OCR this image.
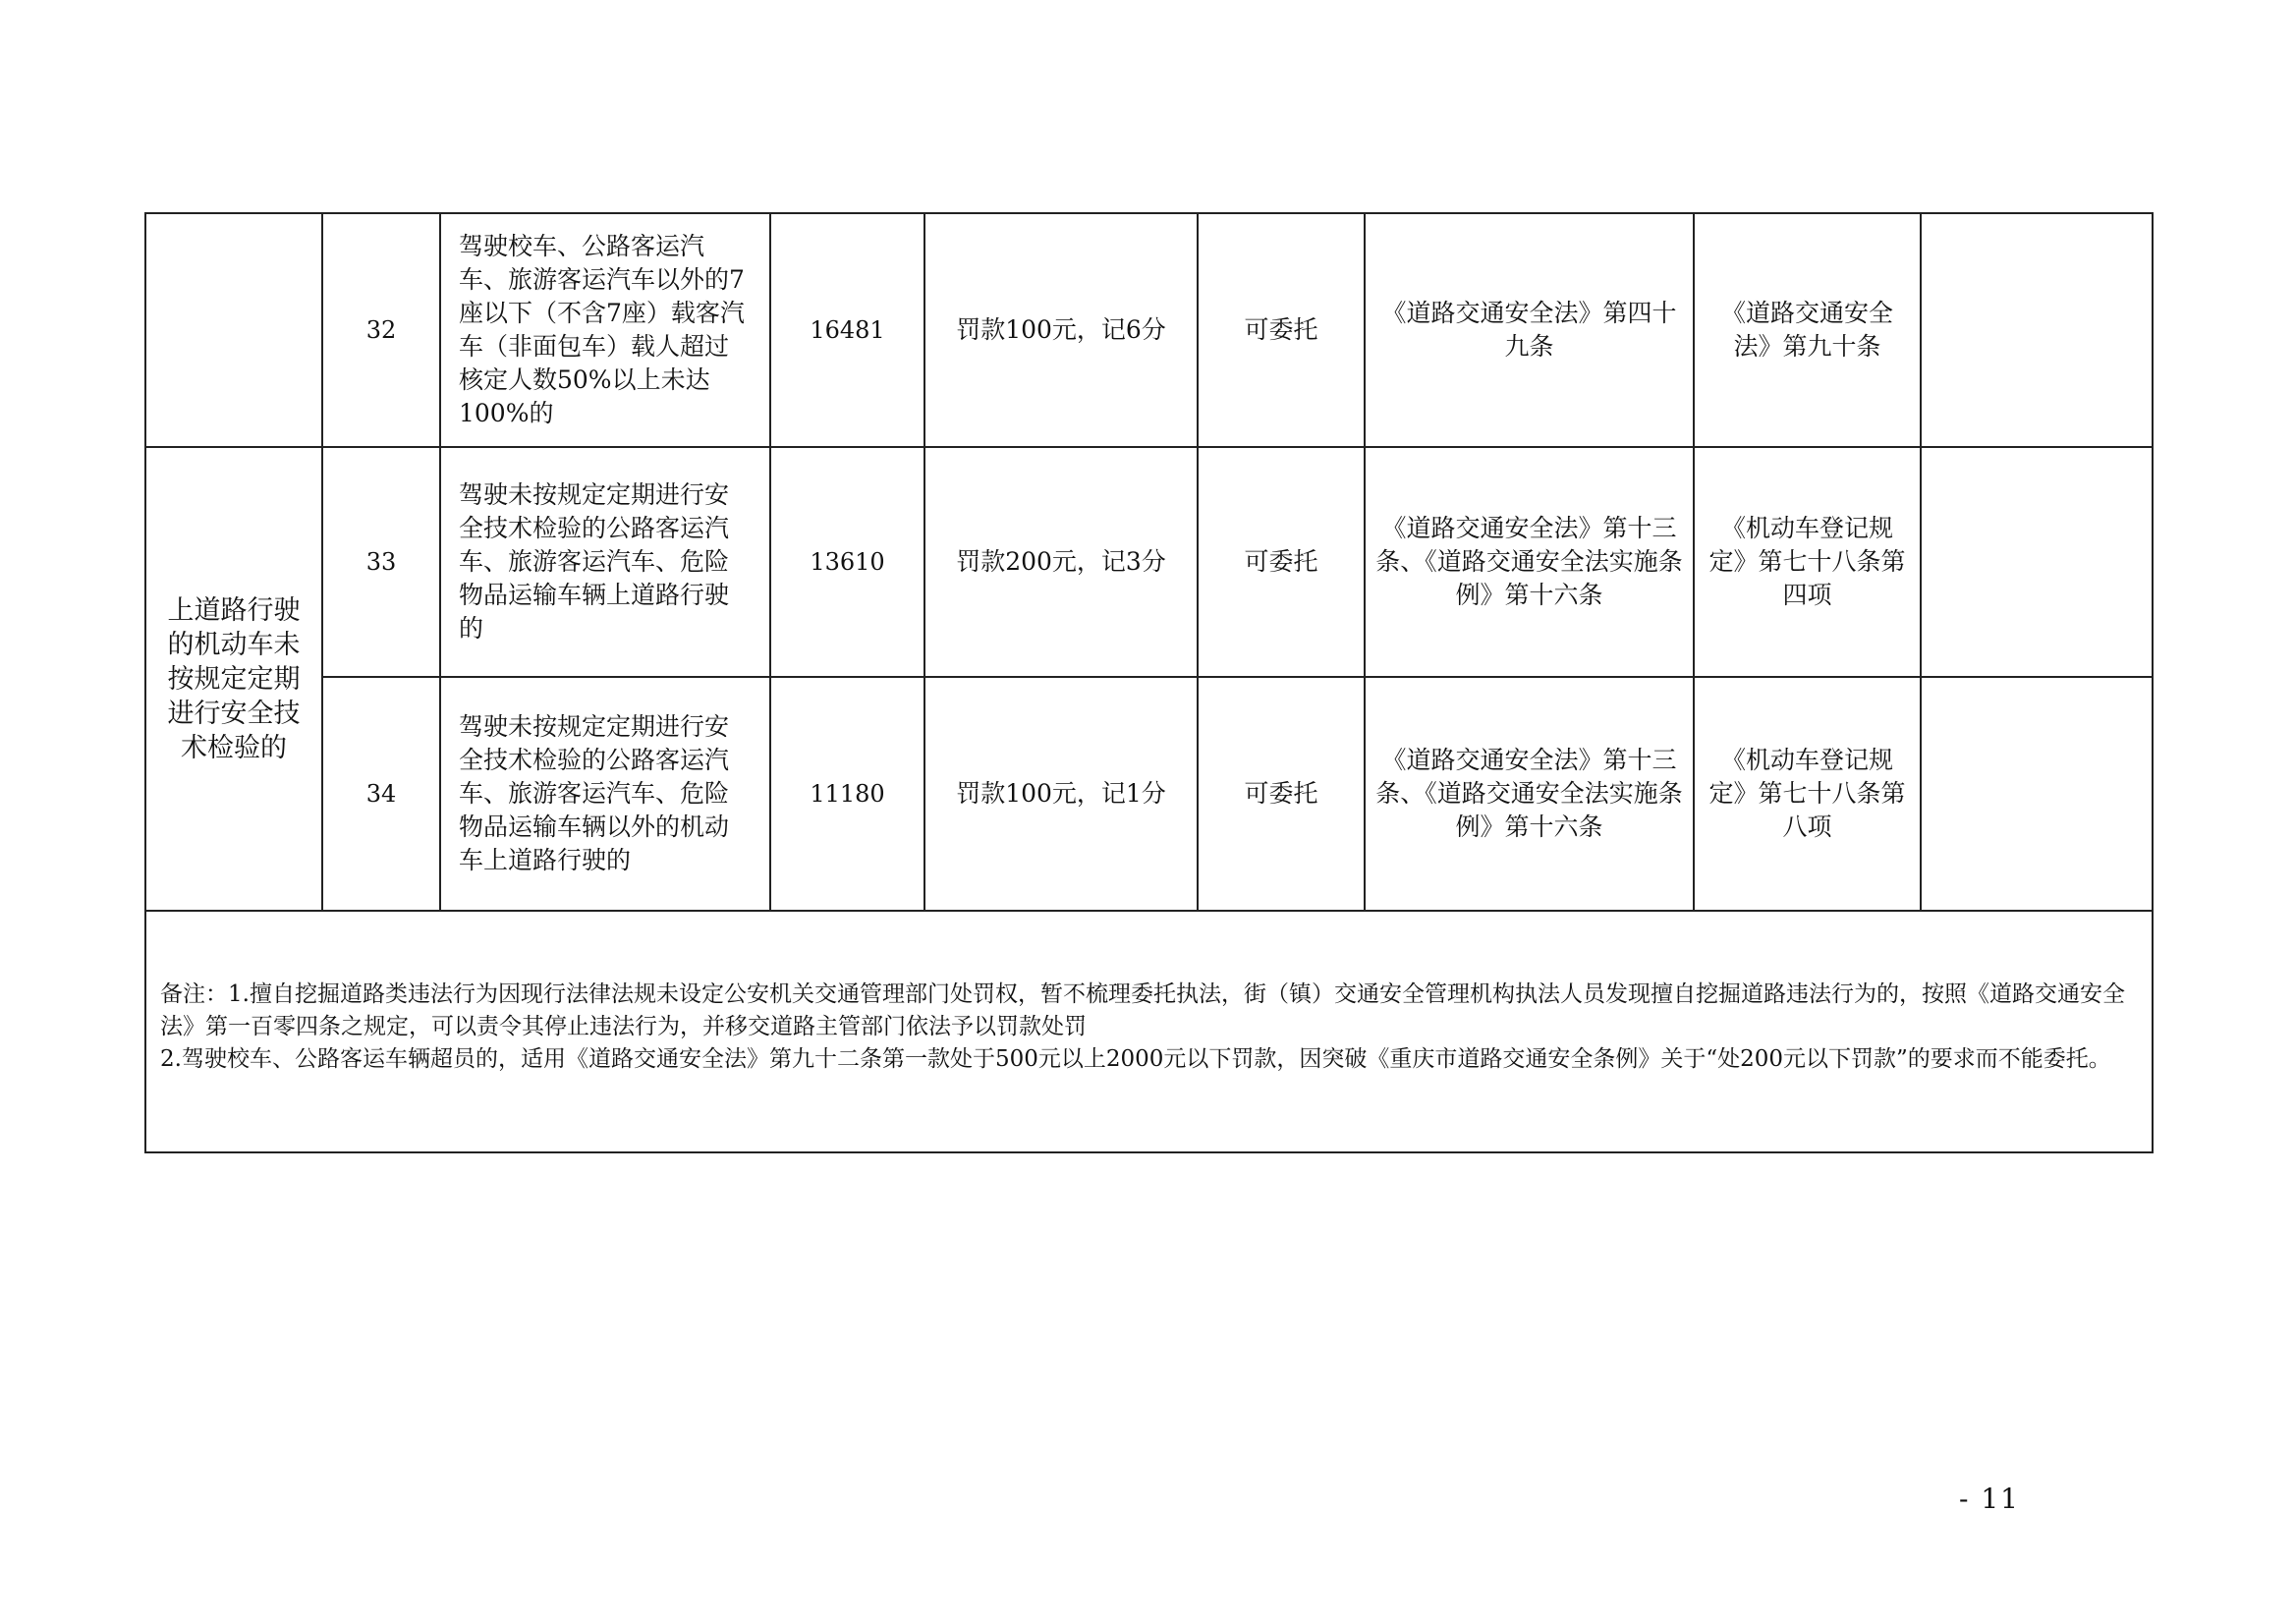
	32	驾驶校车、公路客运汽车、旅游客运汽车以外的7座以下（不含7座）载客汽车（非面包车）载人超过核定人数50%以上未达100%的	16481	罚款100元，记6分	可委托	《道路交通安全法》第四十九条	《道路交通安全法》第九十条	
上道路行驶的机动车未按规定定期进行安全技术检验的	33	驾驶未按规定定期进行安全技术检验的公路客运汽车、旅游客运汽车、危险物品运输车辆上道路行驶的	13610	罚款200元，记3分	可委托	《道路交通安全法》第十三条、《道路交通安全法实施条例》第十六条	《机动车登记规定》第七十八条第四项	
	34	驾驶未按规定定期进行安全技术检验的公路客运汽车、旅游客运汽车、危险物品运输车辆以外的机动车上道路行驶的	11180	罚款100元，记1分	可委托	《道路交通安全法》第十三条、《道路交通安全法实施条例》第十六条	《机动车登记规定》第七十八条第八项	

备注：1.擅自挖掘道路类违法行为因现行法律法规未设定公安机关交通管理部门处罚权，暂不梳理委托执法，街（镇）交通安全管理机构执法人员发现擅自挖掘道路违法行为的，按照《道路交通安全法》第一百零四条之规定，可以责令其停止违法行为，并移交道路主管部门依法予以罚款处罚
2.驾驶校车、公路客运车辆超员的，适用《道路交通安全法》第九十二条第一款处于500元以上2000元以下罚款，因突破《重庆市道路交通安全条例》关于“处200元以下罚款”的要求而不能委托。								
- 11
